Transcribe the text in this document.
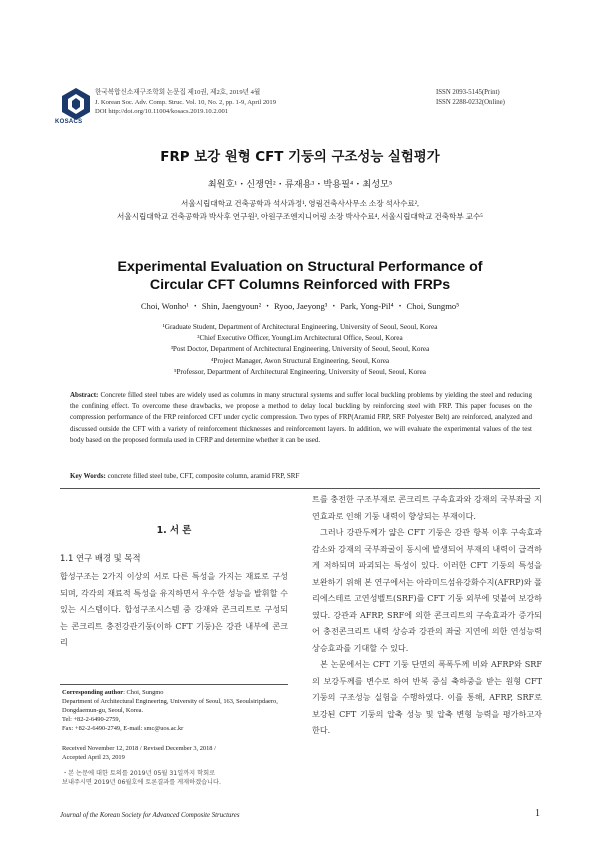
KOSACS
한국복합신소재구조학회 논문집 제10권, 제2호, 2019년 4월
J. Korean Soc. Adv. Comp. Struc. Vol. 10, No. 2, pp. 1-9, April 2019
DOI http://doi.org/10.11004/kosacs.2019.10.2.001
ISSN 2093-5145(Print)
ISSN 2288-0232(Online)
FRP 보강 원형 CFT 기둥의 구조성능 실험평가
최원호¹・신쟁연²・류재용³・박용필⁴・최성모⁵
서울시립대학교 건축공학과 석사과정¹, 영림건축사사무소 소장 석사수료²,
서울시립대학교 건축공학과 박사후 연구원³, 아원구조엔지니어링 소장 박사수료⁴, 서울시립대학교 건축학부 교수⁵
Experimental Evaluation on Structural Performance of
Circular CFT Columns Reinforced with FRPs
Choi, Wonho¹ ・ Shin, Jaengyoun² ・ Ryoo, Jaeyong³ ・ Park, Yong-Pil⁴ ・ Choi, Sungmo⁵
¹Graduate Student, Department of Architectural Engineering, University of Seoul, Seoul, Korea
²Chief Executive Officer, YoungLim Architectural Office, Seoul, Korea
³Post Doctor, Department of Architectural Engineering, University of Seoul, Seoul, Korea
⁴Project Manager, Awon Structural Engineering, Seoul, Korea
⁵Professor, Department of Architectural Engineering, University of Seoul, Seoul, Korea
Abstract: Concrete filled steel tubes are widely used as columns in many structural systems and suffer local buckling problems by yielding the steel and reducing the confining effect. To overcome these drawbacks, we propose a method to delay local buckling by reinforcing steel with FRP. This paper focuses on the compression performance of the FRP reinforced CFT under cyclic compression. Two types of FRP(Aramid FRP, SRF Polyester Belt) are reinforced, analyzed and discussed outside the CFT with a variety of reinforcement thicknesses and reinforcement layers. In addition, we will evaluate the experimental values of the test body based on the proposed formula used in CFRP and determine whether it can be used.
Key Words: concrete filled steel tube, CFT, composite column, aramid FRP, SRF
1. 서 론
1.1 연구 배경 및 목적
합성구조는 2가지 이상의 서로 다른 특성을 가지는 재료로 구성되며, 각각의 재료적 특성을 유지하면서 우수한 성능을 발휘할 수 있는 시스템이다. 합성구조시스템 중 강재와 콘크리트로 구성되는 콘크리트 충전강관기둥(이하 CFT 기둥)은 강관 내부에 콘크리
Corresponding author: Choi, Sungmo
Department of Architectural Engineering, University of Seoul, 163, Seoulsiripdaero, Dongdaemun-gu, Seoul, Korea.
Tel: +82-2-6490-2759,
Fax: +82-2-6490-2749, E-mail: smc@uos.ac.kr
Received November 12, 2018 / Revised December 3, 2018 /
Accepted April 23, 2019
・본 논문에 대한 토의를 2019년 05월 31일까지 학회로
보내주시면 2019년 06월호에 토론결과를 게재하겠습니다.
트를 충전한 구조부재로 콘크리트 구속효과와 강재의 국부좌굴 지연효과로 인해 기둥 내력이 향상되는 부재이다.
그러나 강관두께가 얇은 CFT 기둥은 강관 항복 이후 구속효과 감소와 강재의 국부좌굴이 동시에 발생되어 부재의 내력이 급격하게 저하되며 파괴되는 특성이 있다. 이러한 CFT 기둥의 특성을 보완하기 위해 본 연구에서는 아라미드섬유강화수지(AFRP)와 폴리에스테르 고연성벨트(SRF)를 CFT 기둥 외부에 덧붙여 보강하였다. 강관과 AFRP, SRF에 의한 콘크리트의 구속효과가 증가되어 충전콘크리트 내력 상승과 강관의 좌굴 지연에 의한 연성능력 상승효과를 기대할 수 있다.
본 논문에서는 CFT 기둥 단면의 폭폭두께 비와 AFRP와 SRF의 보강두께를 변수로 하여 반복 중심 축하중을 받는 원형 CFT 기둥의 구조성능 실험을 수행하였다. 이를 통해, AFRP, SRF로 보강된 CFT 기둥의 압축 성능 및 압축 변형 능력을 평가하고자 한다.
Journal of the Korean Society for Advanced Composite Structures	1
